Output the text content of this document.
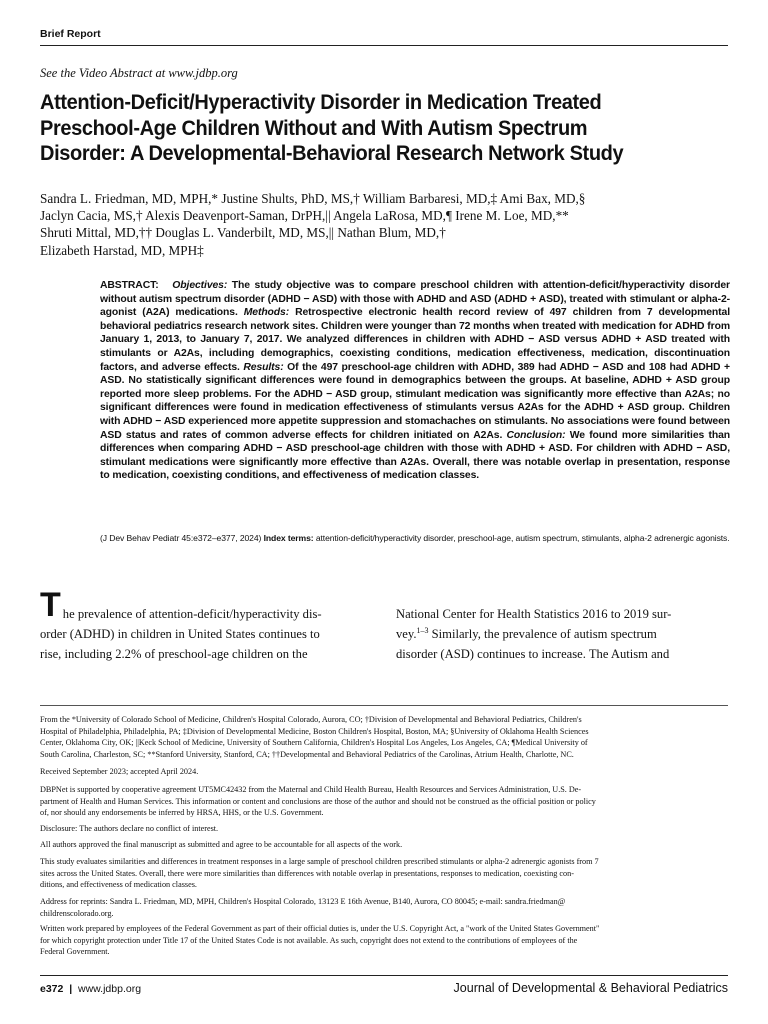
Brief Report
See the Video Abstract at www.jdbp.org
Attention-Deficit/Hyperactivity Disorder in Medication Treated
Preschool-Age Children Without and With Autism Spectrum
Disorder: A Developmental-Behavioral Research Network Study
Sandra L. Friedman, MD, MPH,* Justine Shults, PhD, MS,† William Barbaresi, MD,‡ Ami Bax, MD,§
Jaclyn Cacia, MS,† Alexis Deavenport-Saman, DrPH,|| Angela LaRosa, MD,¶ Irene M. Loe, MD,**
Shruti Mittal, MD,†† Douglas L. Vanderbilt, MD, MS,|| Nathan Blum, MD,†
Elizabeth Harstad, MD, MPH‡
ABSTRACT: Objectives: The study objective was to compare preschool children with attention-deficit/hyperactivity disorder without autism spectrum disorder (ADHD − ASD) with those with ADHD and ASD (ADHD + ASD), treated with stimulant or alpha-2-agonist (A2A) medications. Methods: Retrospective electronic health record review of 497 children from 7 developmental behavioral pediatrics research network sites. Children were younger than 72 months when treated with medication for ADHD from January 1, 2013, to January 7, 2017. We analyzed differences in children with ADHD − ASD versus ADHD + ASD treated with stimulants or A2As, including demographics, coexisting conditions, medication effectiveness, medication, discontinuation factors, and adverse effects. Results: Of the 497 preschool-age children with ADHD, 389 had ADHD − ASD and 108 had ADHD + ASD. No statistically significant differences were found in demographics between the groups. At baseline, ADHD + ASD group reported more sleep problems. For the ADHD − ASD group, stimulant medication was significantly more effective than A2As; no significant differences were found in medication effectiveness of stimulants versus A2As for the ADHD + ASD group. Children with ADHD − ASD experienced more appetite suppression and stomachaches on stimulants. No associations were found between ASD status and rates of common adverse effects for children initiated on A2As. Conclusion: We found more similarities than differences when comparing ADHD − ASD preschool-age children with those with ADHD + ASD. For children with ADHD − ASD, stimulant medications were significantly more effective than A2As. Overall, there was notable overlap in presentation, response to medication, coexisting conditions, and effectiveness of medication classes.
(J Dev Behav Pediatr 45:e372–e377, 2024) Index terms: attention-deficit/hyperactivity disorder, preschool-age, autism spectrum, stimulants, alpha-2 adrenergic agonists.
T he prevalence of attention-deficit/hyperactivity dis-
order (ADHD) in children in United States continues to
rise, including 2.2% of preschool-age children on the
National Center for Health Statistics 2016 to 2019 sur-
vey.$^{1-3}$ Similarly, the prevalence of autism spectrum
disorder (ASD) continues to increase. The Autism and
From the *University of Colorado School of Medicine, Children's Hospital Colorado, Aurora, CO; †Division of Developmental and Behavioral Pediatrics, Children's
Hospital of Philadelphia, Philadelphia, PA; ‡Division of Developmental Medicine, Boston Children's Hospital, Boston, MA; §University of Oklahoma Health Sciences
Center, Oklahoma City, OK; ||Keck School of Medicine, University of Southern California, Children's Hospital Los Angeles, Los Angeles, CA; ¶Medical University of
South Carolina, Charleston, SC; **Stanford University, Stanford, CA; ††Developmental and Behavioral Pediatrics of the Carolinas, Atrium Health, Charlotte, NC.
Received September 2023; accepted April 2024.
DBPNet is supported by cooperative agreement UT5MC42432 from the Maternal and Child Health Bureau, Health Resources and Services Administration, U.S. De-
partment of Health and Human Services. This information or content and conclusions are those of the author and should not be construed as the official position or policy
of, nor should any endorsements be inferred by HRSA, HHS, or the U.S. Government.
Disclosure: The authors declare no conflict of interest.
All authors approved the final manuscript as submitted and agree to be accountable for all aspects of the work.
This study evaluates similarities and differences in treatment responses in a large sample of preschool children prescribed stimulants or alpha-2 adrenergic agonists from 7
sites across the United States. Overall, there were more similarities than differences with notable overlap in presentations, responses to medication, coexisting con-
ditions, and effectiveness of medication classes.
Address for reprints: Sandra L. Friedman, MD, MPH, Children's Hospital Colorado, 13123 E 16th Avenue, B140, Aurora, CO 80045; e-mail: sandra.friedman@
childrenscolorado.org.
Written work prepared by employees of the Federal Government as part of their official duties is, under the U.S. Copyright Act, a "work of the United States Government"
for which copyright protection under Title 17 of the United States Code is not available. As such, copyright does not extend to the contributions of employees of the
Federal Government.
e372 | www.jdbp.org	Journal of Developmental & Behavioral Pediatrics
